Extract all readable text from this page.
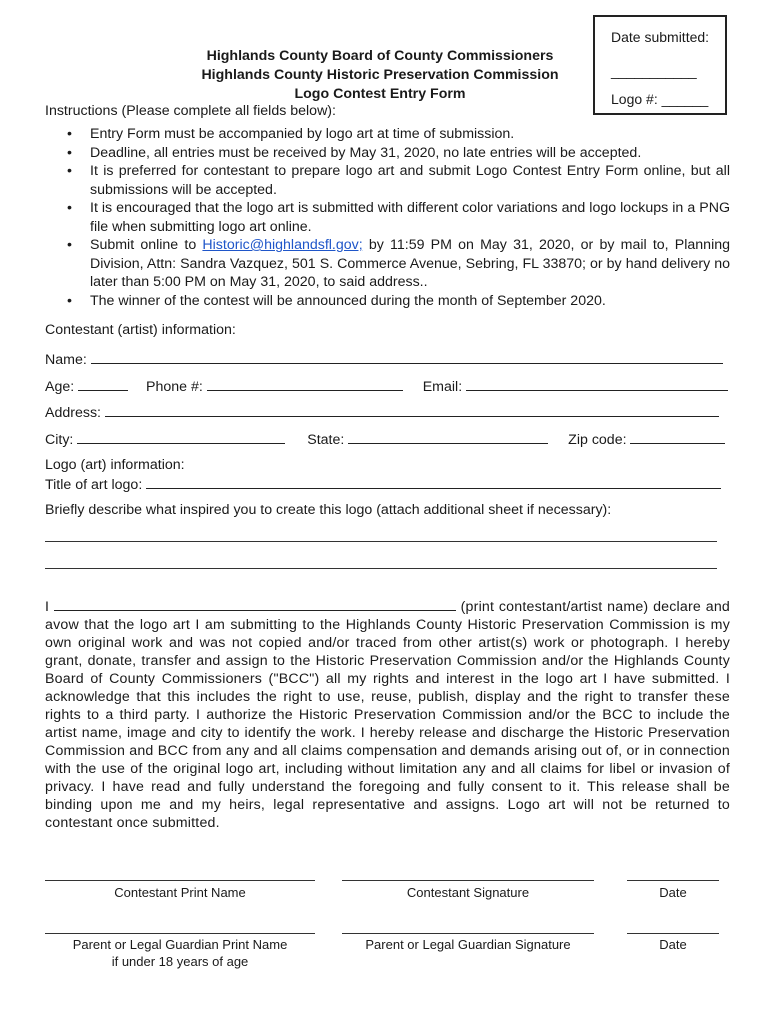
Date submitted:
___________
Logo #: ______
Highlands County Board of County Commissioners
Highlands County Historic Preservation Commission
Logo Contest Entry Form
Instructions (Please complete all fields below):
• Entry Form must be accompanied by logo art at time of submission.
• Deadline, all entries must be received by May 31, 2020, no late entries will be accepted.
• It is preferred for contestant to prepare logo art and submit Logo Contest Entry Form online, but all submissions will be accepted.
• It is encouraged that the logo art is submitted with different color variations and logo lockups in a PNG file when submitting logo art online.
• Submit online to Historic@highlandsfl.gov; by 11:59 PM on May 31, 2020, or by mail to, Planning Division, Attn: Sandra Vazquez, 501 S. Commerce Avenue, Sebring, FL 33870; or by hand delivery no later than 5:00 PM on May 31, 2020, to said address..
• The winner of the contest will be announced during the month of September 2020.
Contestant (artist) information:
Name:
Age:	Phone #:	Email:
Address:
City:	State:	Zip code:
Logo (art) information:
Title of art logo:
Briefly describe what inspired you to create this logo (attach additional sheet if necessary):
I	(print contestant/artist name) declare and avow that the logo art I am submitting to the Highlands County Historic Preservation Commission is my own original work and was not copied and/or traced from other artist(s) work or photograph. I hereby grant, donate, transfer and assign to the Historic Preservation Commission and/or the Highlands County Board of County Commissioners ("BCC") all my rights and interest in the logo art I have submitted. I acknowledge that this includes the right to use, reuse, publish, display and the right to transfer these rights to a third party. I authorize the Historic Preservation Commission and/or the BCC to include the artist name, image and city to identify the work. I hereby release and discharge the Historic Preservation Commission and BCC from any and all claims compensation and demands arising out of, or in connection with the use of the original logo art, including without limitation any and all claims for libel or invasion of privacy. I have read and fully understand the foregoing and fully consent to it. This release shall be binding upon me and my heirs, legal representative and assigns. Logo art will not be returned to contestant once submitted.
Contestant Print Name	Contestant Signature	Date
Parent or Legal Guardian Print Name
if under 18 years of age
Parent or Legal Guardian Signature	Date
